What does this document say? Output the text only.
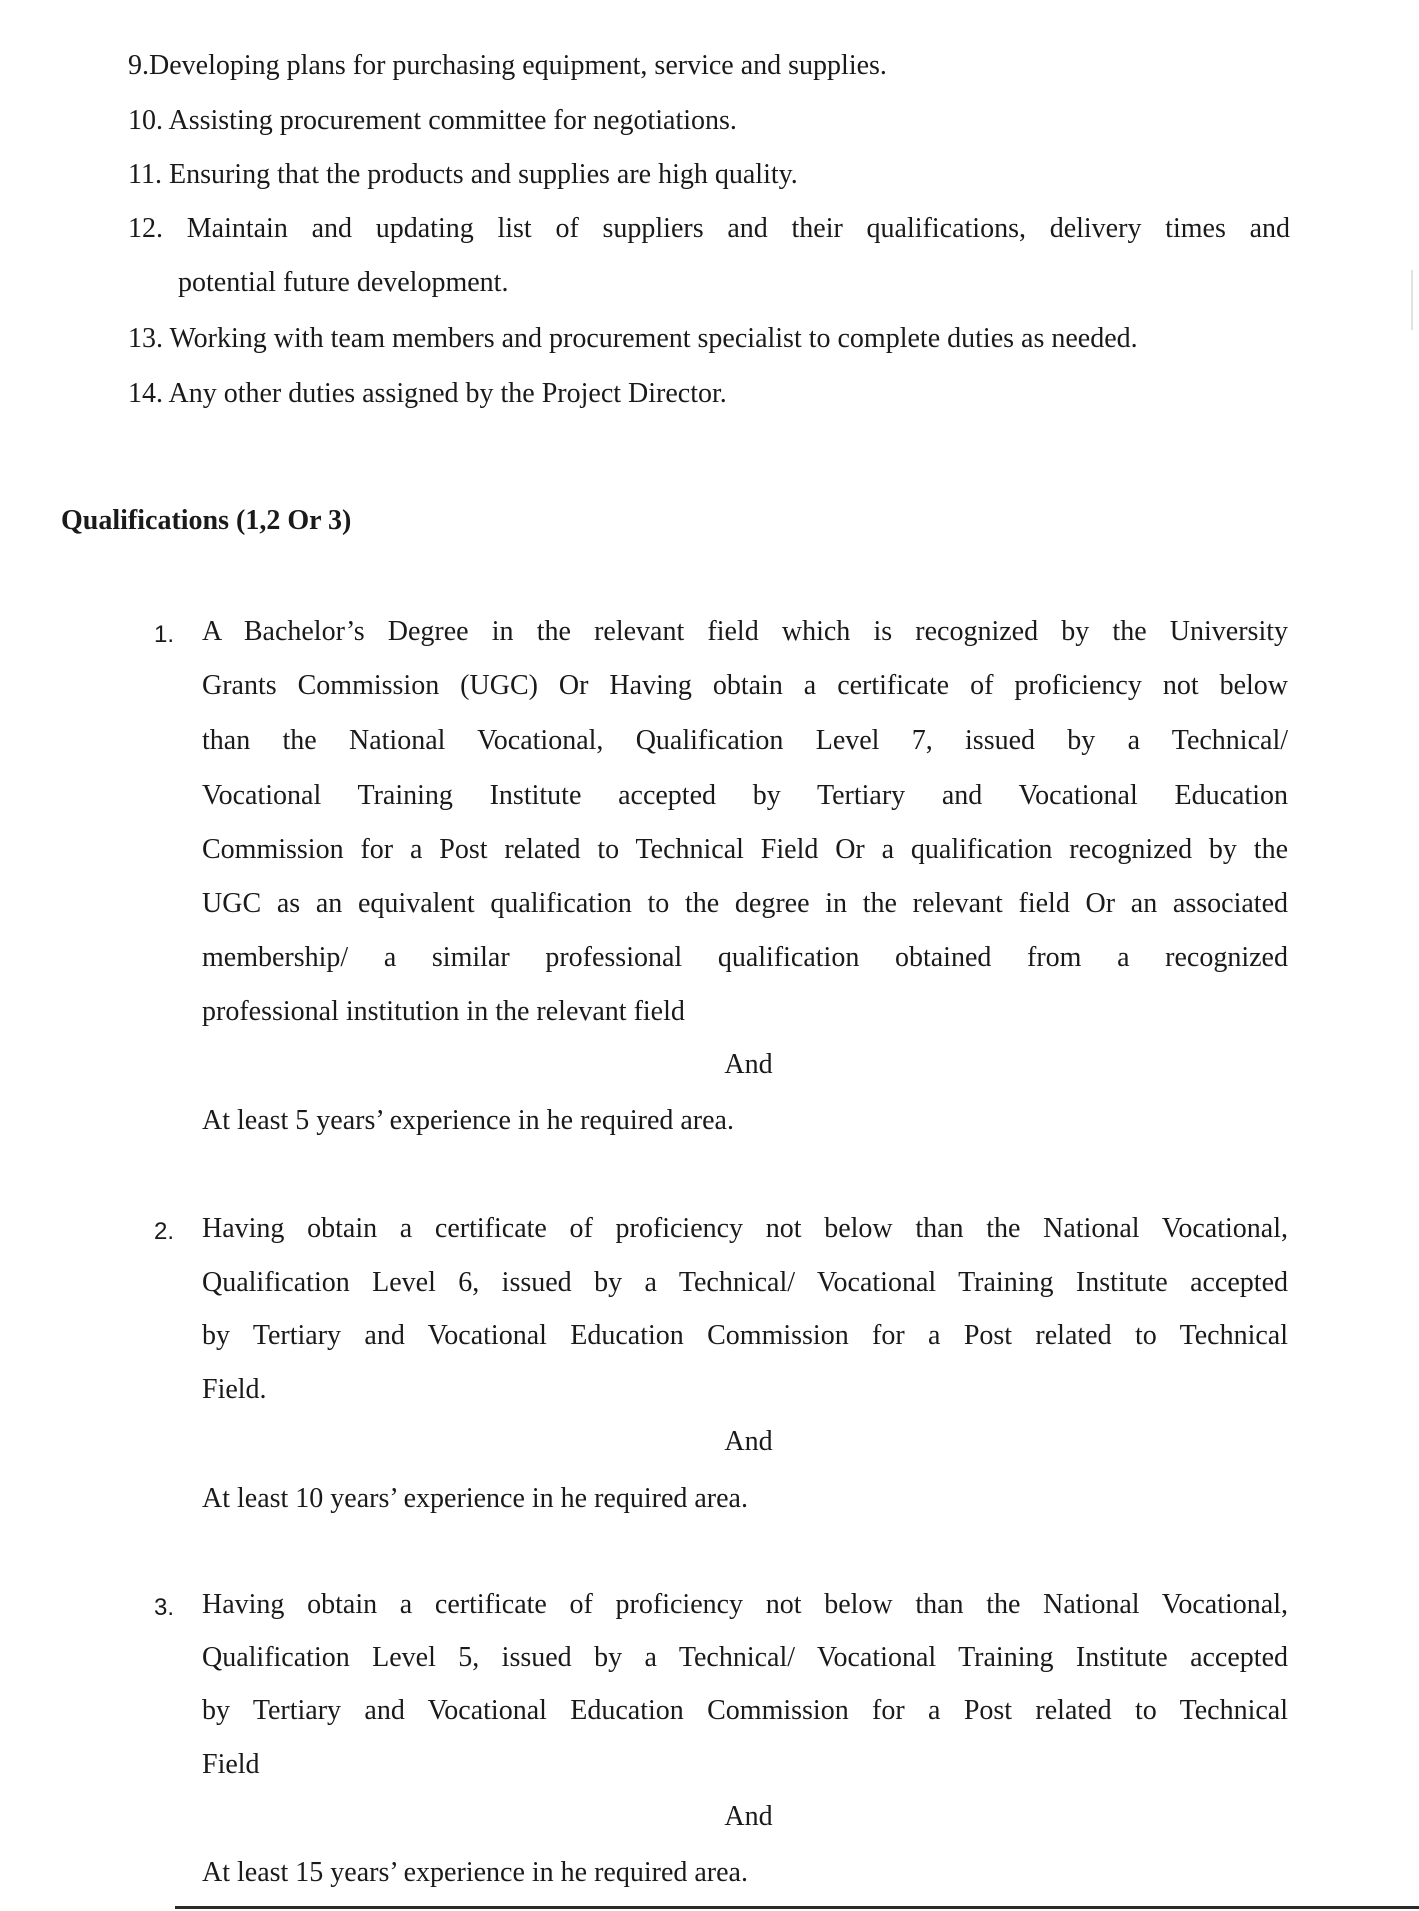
9.Developing plans for purchasing equipment, service and supplies.
10. Assisting procurement committee for negotiations.
11. Ensuring that the products and supplies are high quality.
12. Maintain and updating list of suppliers and their qualifications, delivery times and
potential future development.
13. Working with team members and procurement specialist to complete duties as needed.
14. Any other duties assigned by the Project Director.
Qualifications (1,2 Or 3)
1. A Bachelor’s Degree in the relevant field which is recognized by the University
Grants Commission (UGC) Or Having obtain a certificate of proficiency not below
than the National Vocational, Qualification Level 7, issued by a Technical/
Vocational Training Institute accepted by Tertiary and Vocational Education
Commission for a Post related to Technical Field Or a qualification recognized by the
UGC as an equivalent qualification to the degree in the relevant field Or an associated
membership/ a similar professional qualification obtained from a recognized
professional institution in the relevant field
And
At least 5 years’ experience in he required area.
2. Having obtain a certificate of proficiency not below than the National Vocational,
Qualification Level 6, issued by a Technical/ Vocational Training Institute accepted
by Tertiary and Vocational Education Commission for a Post related to Technical
Field.
And
At least 10 years’ experience in he required area.
3. Having obtain a certificate of proficiency not below than the National Vocational,
Qualification Level 5, issued by a Technical/ Vocational Training Institute accepted
by Tertiary and Vocational Education Commission for a Post related to Technical
Field
And
At least 15 years’ experience in he required area.
